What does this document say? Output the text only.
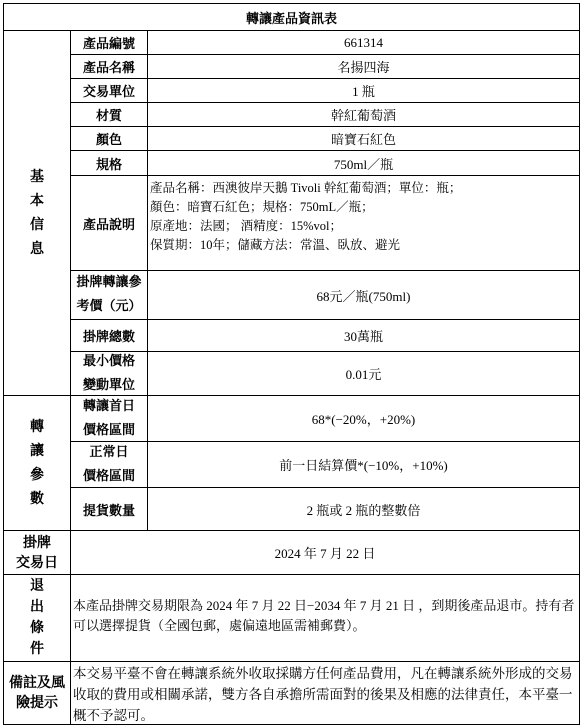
轉讓產品資訊表
基
本
信
息
轉
讓
參
數
掛牌
交易日
退
出
條
件
備註及風
險提示
產品編號
產品名稱
交易單位
材質
顏色
規格
產品說明
掛牌轉讓參
考價（元）
掛牌總數
最小價格
變動單位
661314
名揚四海
1 瓶
幹紅葡萄酒
暗寶石紅色
750ml／瓶
產品名稱：西澳彼岸天鵝 Tivoli 幹紅葡萄酒；單位：瓶；
顏色：暗寶石紅色；規格：750mL／瓶；
原產地：法國； 酒精度：15%vol；
保質期：10年；儲藏方法：常溫、臥放、避光
68元／瓶(750ml)
30萬瓶
0.01元
轉讓首日
價格區間
正常日
價格區間
提貨數量
68*(−20%，+20%)
前一日結算價*(−10%，+10%)
2 瓶或 2 瓶的整數倍
2024 年 7 月 22 日
本產品掛牌交易期限為 2024 年 7 月 22 日−2034 年 7 月 21 日 ，到期後產品退市。持有者可以選擇提貨（全國包郵，處偏遠地區需補郵費）。
本交易平臺不會在轉讓系統外收取採購方任何產品費用，凡在轉讓系統外形成的交易收取的費用或相關承諾，雙方各自承擔所需面對的後果及相應的法律責任，本平臺一概不予認可。
